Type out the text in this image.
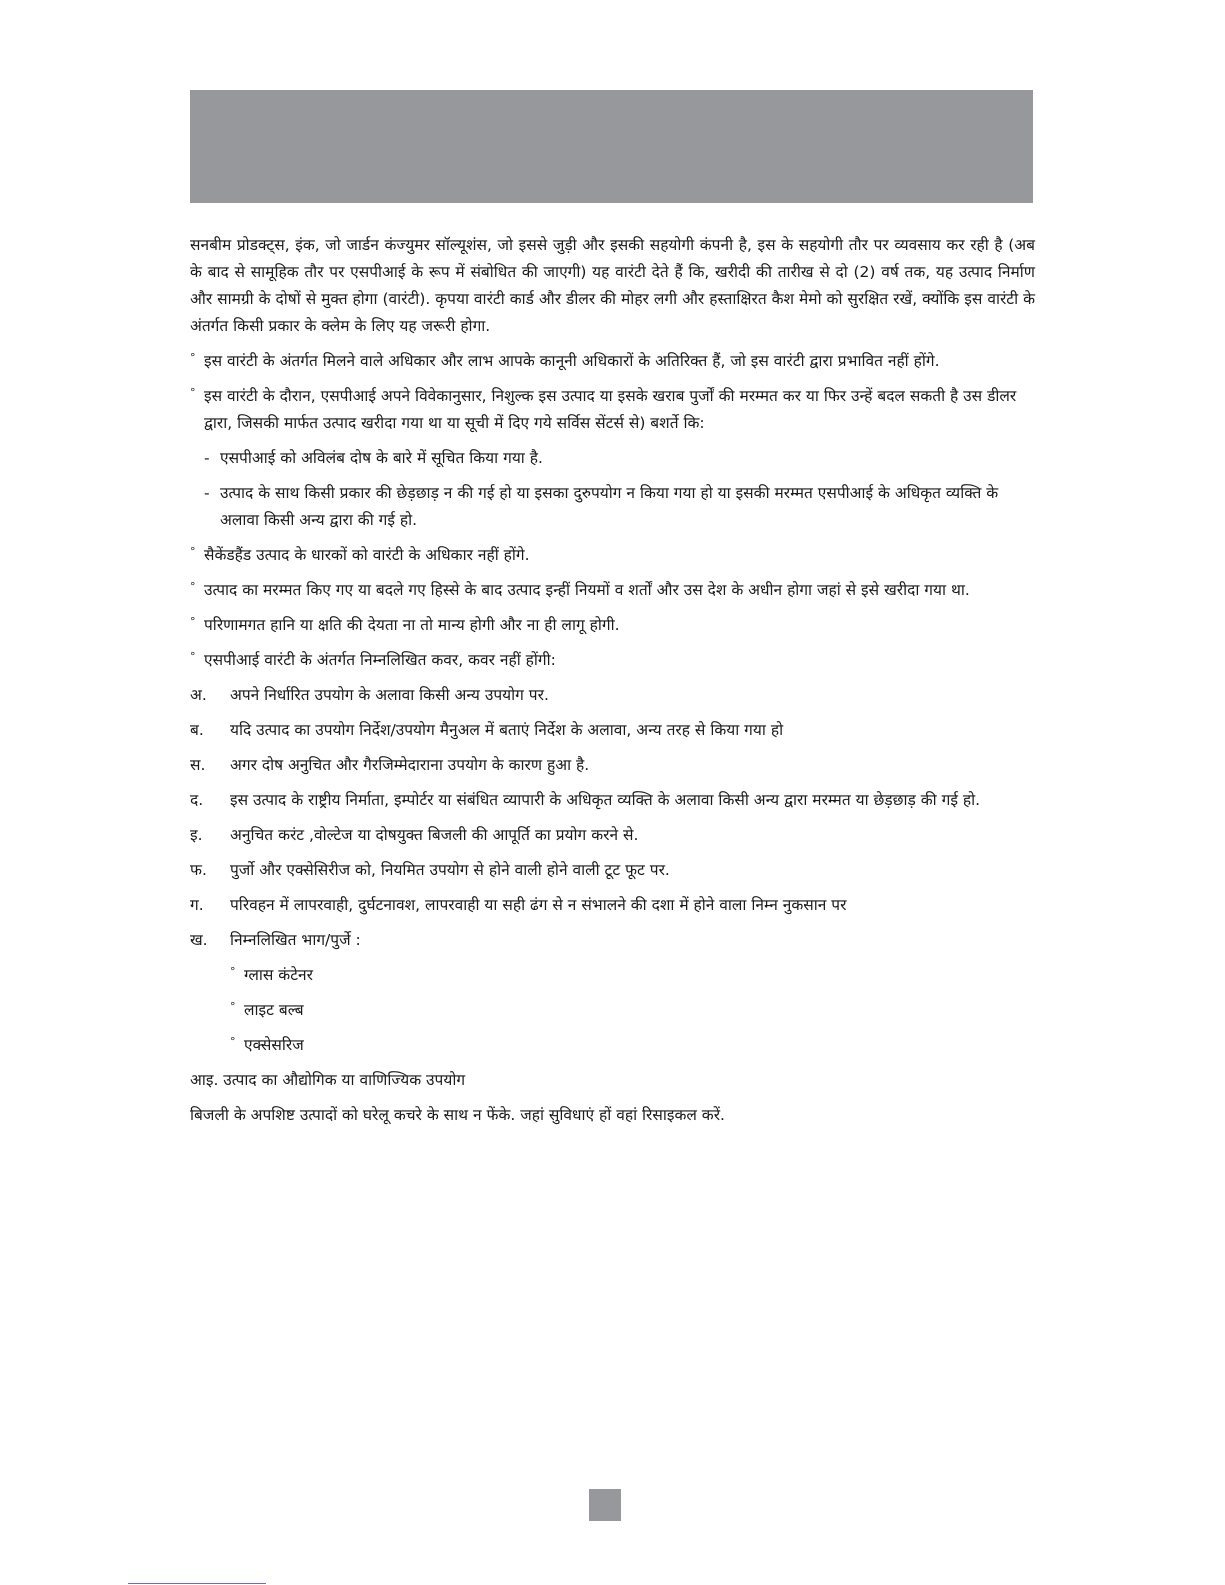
सनबीम प्रोडक्ट्स, इंक, जो जार्डन कंज्युमर सॉल्यूशंस, जो इससे जुड़ी और इसकी सहयोगी कंपनी है, इस के सहयोगी तौर पर व्यवसाय कर रही है (अब के बाद से सामूहिक तौर पर एसपीआई के रूप में संबोधित की जाएगी) यह वारंटी देते हैं कि, खरीदी की तारीख से दो (2) वर्ष तक, यह उत्पाद निर्माण और सामग्री के दोषों से मुक्त होगा (वारंटी). कृपया वारंटी कार्ड और डीलर की मोहर लगी और हस्ताक्षिरत कैश मेमो को सुरक्षित रखें, क्योंकि इस वारंटी के अंतर्गत किसी प्रकार के क्लेम के लिए यह जरूरी होगा.

° इस वारंटी के अंतर्गत मिलने वाले अधिकार और लाभ आपके कानूनी अधिकारों के अतिरिक्त हैं, जो इस वारंटी द्वारा प्रभावित नहीं होंगे.
° इस वारंटी के दौरान, एसपीआई अपने विवेकानुसार, निशुल्क इस उत्पाद या इसके खराब पुर्जों की मरम्मत कर या फिर उन्हें बदल सकती है उस डीलर द्वारा, जिसकी मार्फत उत्पाद खरीदा गया था या सूची में दिए गये सर्विस सेंटर्स से) बशर्ते कि:
- एसपीआई को अविलंब दोष के बारे में सूचित किया गया है.
- उत्पाद के साथ किसी प्रकार की छेड़छाड़ न की गई हो या इसका दुरुपयोग न किया गया हो या इसकी मरम्मत एसपीआई के अधिकृत व्यक्ति के अलावा किसी अन्य द्वारा की गई हो.
° सैकेंडहैंड उत्पाद के धारकों को वारंटी के अधिकार नहीं होंगे.
° उत्पाद का मरम्मत किए गए या बदले गए हिस्से के बाद उत्पाद इन्हीं नियमों व शर्तों और उस देश के अधीन होगा जहां से इसे खरीदा गया था.
° परिणामगत हानि या क्षति की देयता ना तो मान्य होगी और ना ही लागू होगी.
° एसपीआई वारंटी के अंतर्गत निम्नलिखित कवर, कवर नहीं होंगी:
अ.	अपने निर्धारित उपयोग के अलावा किसी अन्य उपयोग पर.
ब.	यदि उत्पाद का उपयोग निर्देश/उपयोग मैनुअल में बताएं निर्देश के अलावा, अन्य तरह से किया गया हो
स.	अगर दोष अनुचित और गैरजिम्मेदाराना उपयोग के कारण हुआ है.
द.	इस उत्पाद के राष्ट्रीय निर्माता, इम्पोर्टर या संबंधित व्यापारी के अधिकृत व्यक्ति के अलावा किसी अन्य द्वारा मरम्मत या छेड़छाड़ की गई हो.
इ.	अनुचित करंट ,वोल्टेज या दोषयुक्त बिजली की आपूर्ति का प्रयोग करने से.
फ.	पुर्जो और एक्सेसिरीज को, नियमित उपयोग से होने वाली होने वाली टूट फूट पर.
ग.	परिवहन में लापरवाही, दुर्घटनावश, लापरवाही या सही ढंग से न संभालने की दशा में होने वाला निम्न नुकसान पर
ख.	निम्नलिखित भाग/पुर्जे :
° ग्लास कंटेनर
° लाइट बल्ब
° एक्सेसरिज

आइ. उत्पाद का औद्योगिक या वाणिज्यिक उपयोग

बिजली के अपशिष्ट उत्पादों को घरेलू कचरे के साथ न फेंके. जहां सुविधाएं हों वहां रिसाइकल करें.
